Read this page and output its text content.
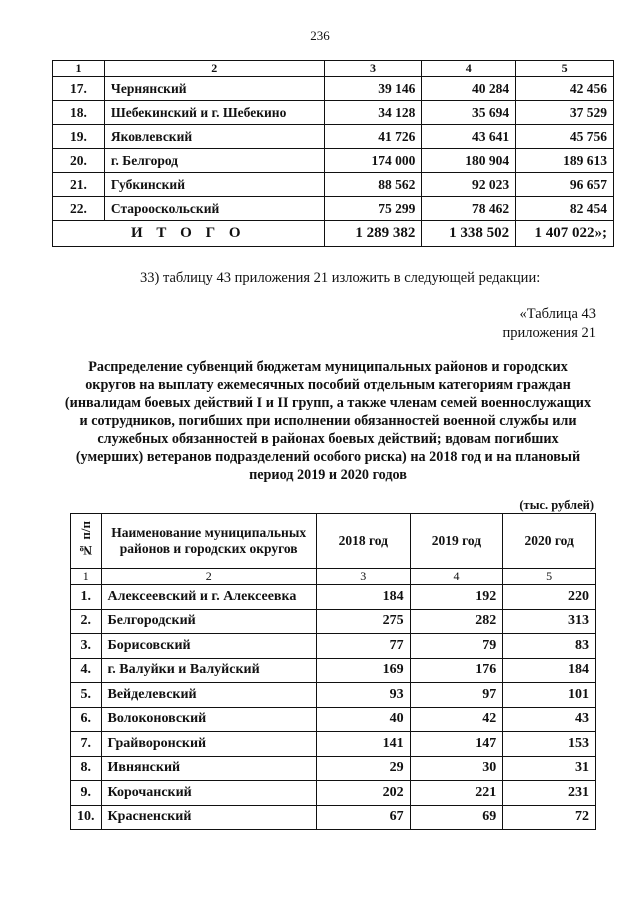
236
1	2	3	4	5
17.	Чернянский	39 146	40 284	42 456
18.	Шебекинский и г. Шебекино	34 128	35 694	37 529
19.	Яковлевский	41 726	43 641	45 756
20.	г. Белгород	174 000	180 904	189 613
21.	Губкинский	88 562	92 023	96 657
22.	Старооскольский	75 299	78 462	82 454
И Т О Г О		1 289 382	1 338 502	1 407 022»;
33) таблицу 43 приложения 21 изложить в следующей редакции:
«Таблица 43
приложения 21
Распределение субвенций бюджетам муниципальных районов и городских округов на выплату ежемесячных пособий отдельным категориям граждан (инвалидам боевых действий I и II групп, а также членам семей военнослужащих и сотрудников, погибших при исполнении обязанностей военной службы или служебных обязанностей в районах боевых действий; вдовам погибших (умерших) ветеранов подразделений особого риска) на 2018 год и на плановый период 2019 и 2020 годов
(тыс. рублей)
№ п/п	Наименование муниципальных районов и городских округов	2018 год	2019 год	2020 год
1	2	3	4	5
1.	Алексеевский и г. Алексеевка	184	192	220
2.	Белгородский	275	282	313
3.	Борисовский	77	79	83
4.	г. Валуйки и Валуйский	169	176	184
5.	Вейделевский	93	97	101
6.	Волоконовский	40	42	43
7.	Грайворонский	141	147	153
8.	Ивнянский	29	30	31
9.	Корочанский	202	221	231
10.	Красненский	67	69	72
